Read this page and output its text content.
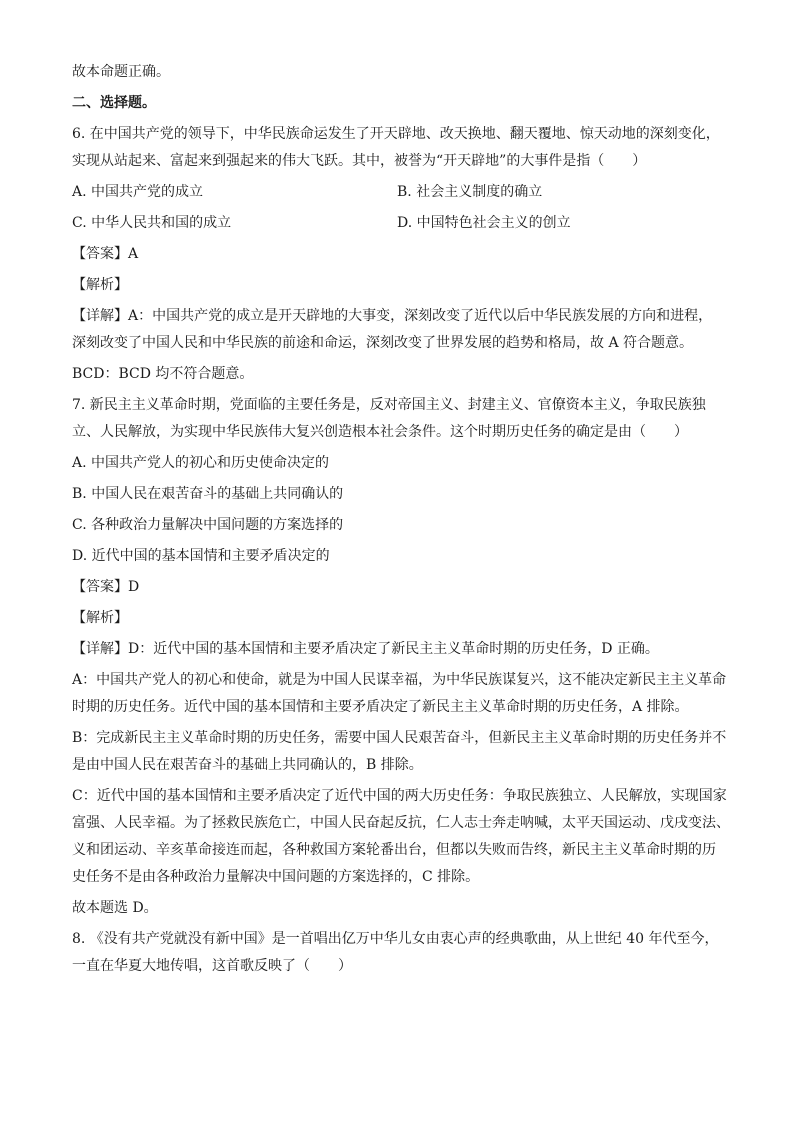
故本命题正确。
二、选择题。
6. 在中国共产党的领导下，中华民族命运发生了开天辟地、改天换地、翻天覆地、惊天动地的深刻变化，
实现从站起来、富起来到强起来的伟大飞跃。其中，被誉为“开天辟地”的大事件是指（　　）
A. 中国共产党的成立	B. 社会主义制度的确立
C. 中华人民共和国的成立	D. 中国特色社会主义的创立
【答案】A
【解析】
【详解】A：中国共产党的成立是开天辟地的大事变，深刻改变了近代以后中华民族发展的方向和进程，
深刻改变了中国人民和中华民族的前途和命运，深刻改变了世界发展的趋势和格局，故 A 符合题意。
BCD：BCD 均不符合题意。
7. 新民主主义革命时期，党面临的主要任务是，反对帝国主义、封建主义、官僚资本主义，争取民族独
立、人民解放，为实现中华民族伟大复兴创造根本社会条件。这个时期历史任务的确定是由（　　）
A. 中国共产党人的初心和历史使命决定的
B. 中国人民在艰苦奋斗的基础上共同确认的
C. 各种政治力量解决中国问题的方案选择的
D. 近代中国的基本国情和主要矛盾决定的
【答案】D
【解析】
【详解】D：近代中国的基本国情和主要矛盾决定了新民主主义革命时期的历史任务，D 正确。
A：中国共产党人的初心和使命，就是为中国人民谋幸福，为中华民族谋复兴，这不能决定新民主主义革命
时期的历史任务。近代中国的基本国情和主要矛盾决定了新民主主义革命时期的历史任务，A 排除。
B：完成新民主主义革命时期的历史任务，需要中国人民艰苦奋斗，但新民主主义革命时期的历史任务并不
是由中国人民在艰苦奋斗的基础上共同确认的，B 排除。
C：近代中国的基本国情和主要矛盾决定了近代中国的两大历史任务：争取民族独立、人民解放，实现国家
富强、人民幸福。为了拯救民族危亡，中国人民奋起反抗，仁人志士奔走呐喊，太平天国运动、戊戌变法、
义和团运动、辛亥革命接连而起，各种救国方案轮番出台，但都以失败而告终，新民主主义革命时期的历
史任务不是由各种政治力量解决中国问题的方案选择的，C 排除。
故本题选 D。
8. 《没有共产党就没有新中国》是一首唱出亿万中华儿女由衷心声的经典歌曲，从上世纪 40 年代至今，
一直在华夏大地传唱，这首歌反映了（　　）
